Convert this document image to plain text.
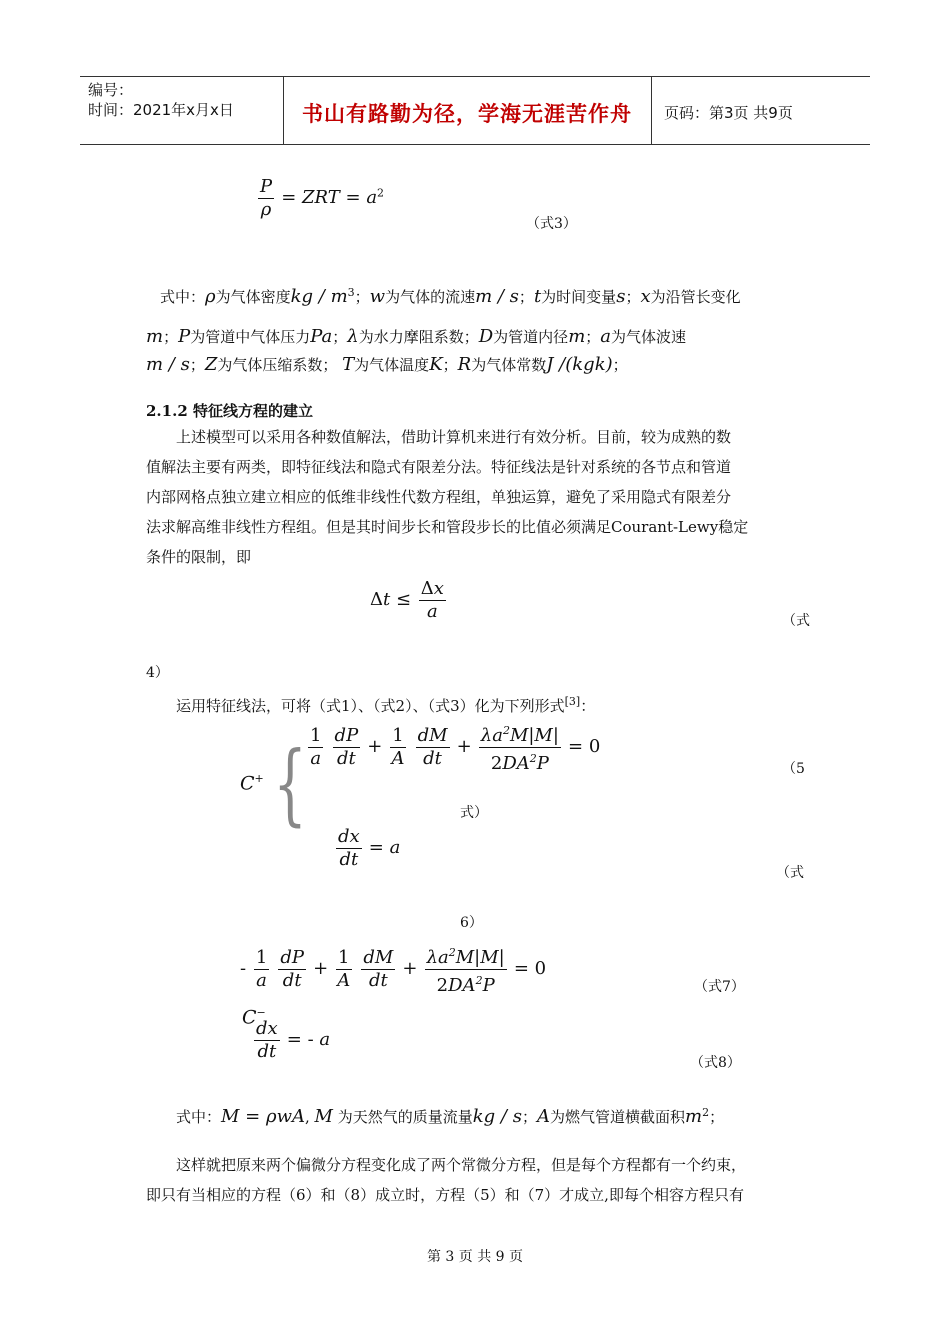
编号：
时间：2021年x月x日	书山有路勤为径，学海无涯苦作舟 页码：第3页 共9页
$\frac{P}{\rho}$ = ZRT = $a^2$
（式3）
式中：ρ为气体密度kg / $m^3$；w为气体的流速m / s；t为时间变量s；x为沿管长变化
m；P为管道中气体压力Pa；λ为水力摩阻系数；D为管道内径m；a为气体波速
m / s；Z为气体压缩系数； T为气体温度K；R为气体常数J /(kgk)；
2.1.2 特征线方程的建立
上述模型可以采用各种数值解法，借助计算机来进行有效分析。目前，较为成熟的数
值解法主要有两类，即特征线法和隐式有限差分法。特征线法是针对系统的各节点和管道
内部网格点独立建立相应的低维非线性代数方程组，单独运算，避免了采用隐式有限差分
法求解高维非线性方程组。但是其时间步长和管段步长的比值必须满足Courant-Lewy稳定
条件的限制，即
$\Delta t \le \frac{\Delta x}{a}$	（式
4）
运用特征线法，可将（式1）、（式2）、（式3）化为下列形式[3]：
C+ { $\frac{1}{a}$
$\frac{dP}{dt} + \frac{1}{A}$
$\frac{dM}{dt} + \frac{\lambda a^2M|M|}{2DA^2P} = 0$
（5
式）
$\frac{dx}{dt} = a$
（式
6）
- $\frac{1}{a}$
$\frac{dP}{dt} + \frac{1}{A}$
$\frac{dM}{dt} + \frac{\lambda a^2M|M|}{2DA^2P} = 0$
（式7）
C−
$\frac{dx}{dt}$ = - a
（式8）
式中：M = ρwA, M 为天然气的质量流量kg / s；A为燃气管道横截面积$m^2$；
这样就把原来两个偏微分方程变化成了两个常微分方程，但是每个方程都有一个约束，
即只有当相应的方程（6）和（8）成立时，方程（5）和（7）才成立,即每个相容方程只有
第 3 页 共 9 页
